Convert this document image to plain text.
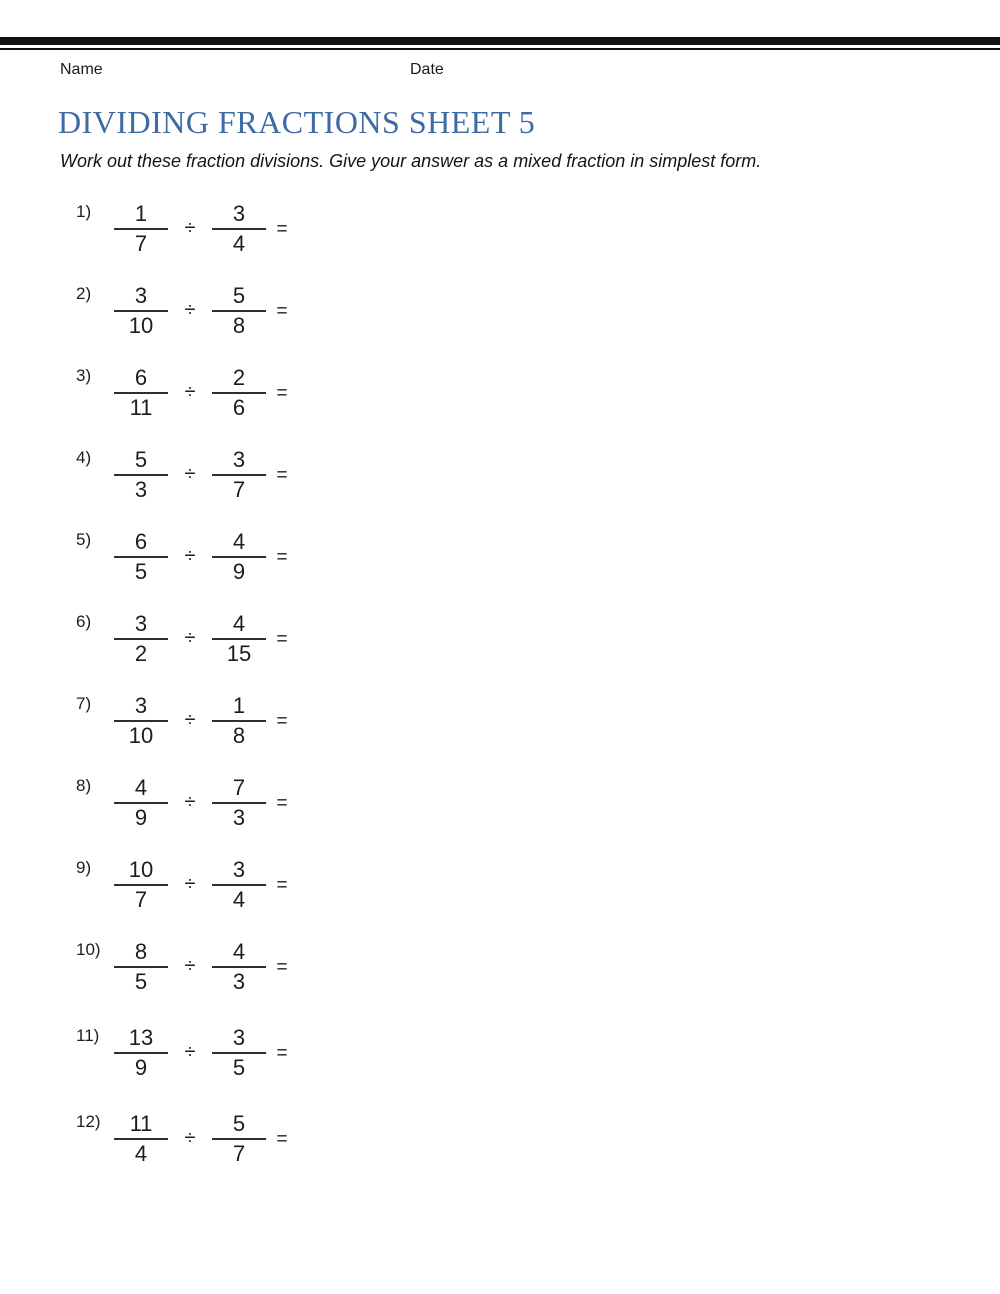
Name	Date
DIVIDING FRACTIONS SHEET 5

Work out these fraction divisions. Give your answer as a mixed fraction in simplest form.

1) 1
7
÷
3
4
=
2) 3
10
÷
5
8
=
3) 6
11
÷
2
6
=
4) 5
3
÷
3
7
=
5) 6
5
÷
4
9
=
6) 3
2
÷
4
15
=
7) 3
10
÷
1
8
=
8) 4
9
÷
7
3
=
9) 10
7
÷
3
4
=
10) 8
5
÷
4
3
=
11) 13
9
÷
3
5
=
12) 11
4
÷
5
7
=
